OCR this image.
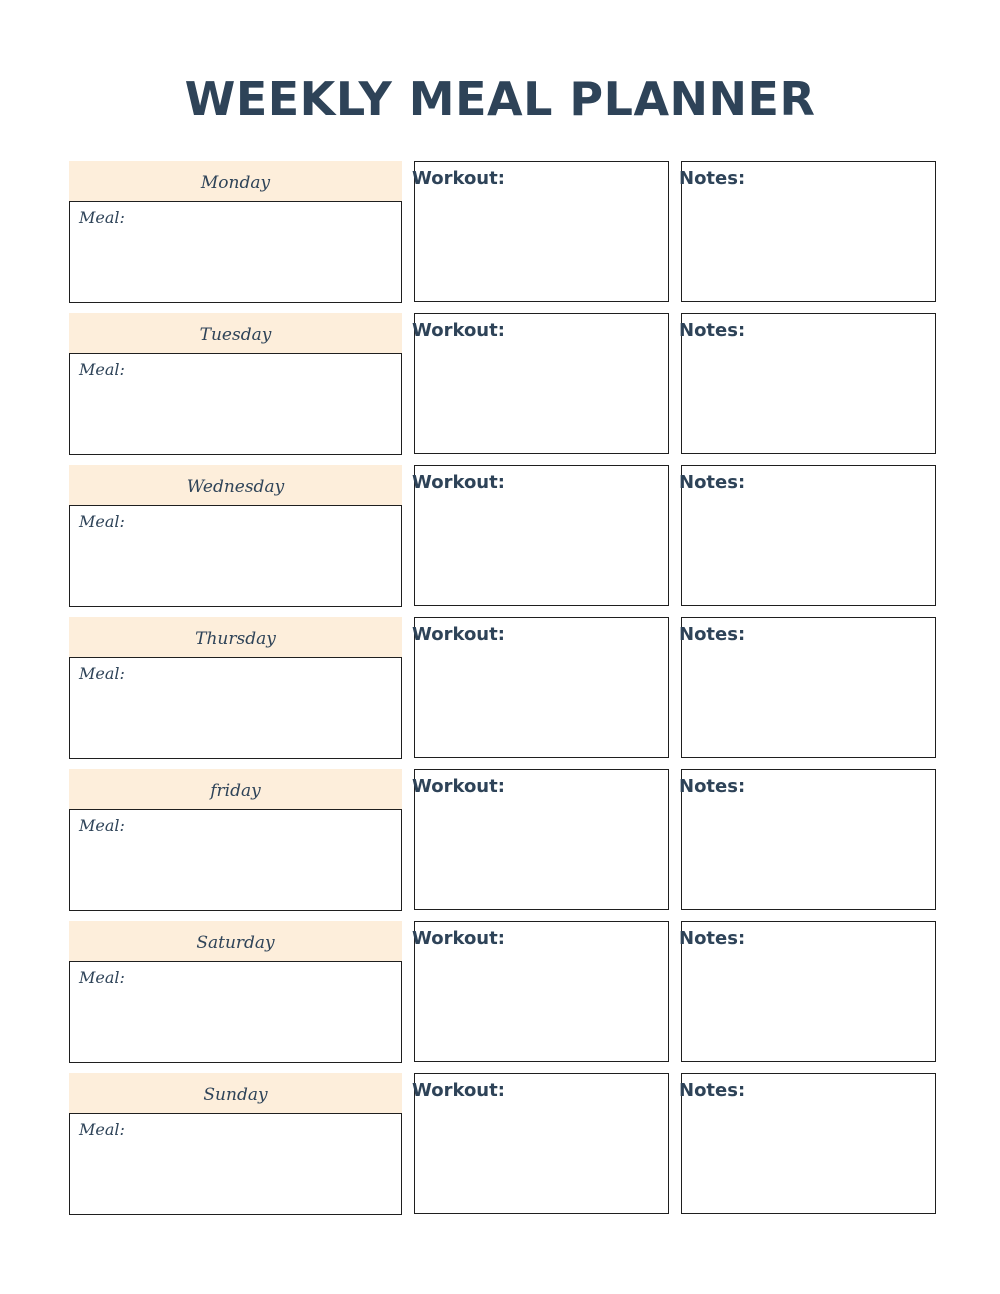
WEEKLY MEAL PLANNER
Monday
Meal:
Workout:	Notes:
Tuesday
Meal:
Workout:	Notes:
Wednesday
Meal:
Workout:	Notes:
Thursday
Meal:
Workout:	Notes:
friday
Meal:
Workout:	Notes:
Saturday
Meal:
Workout:	Notes:
Sunday
Meal:
Workout:	Notes:
